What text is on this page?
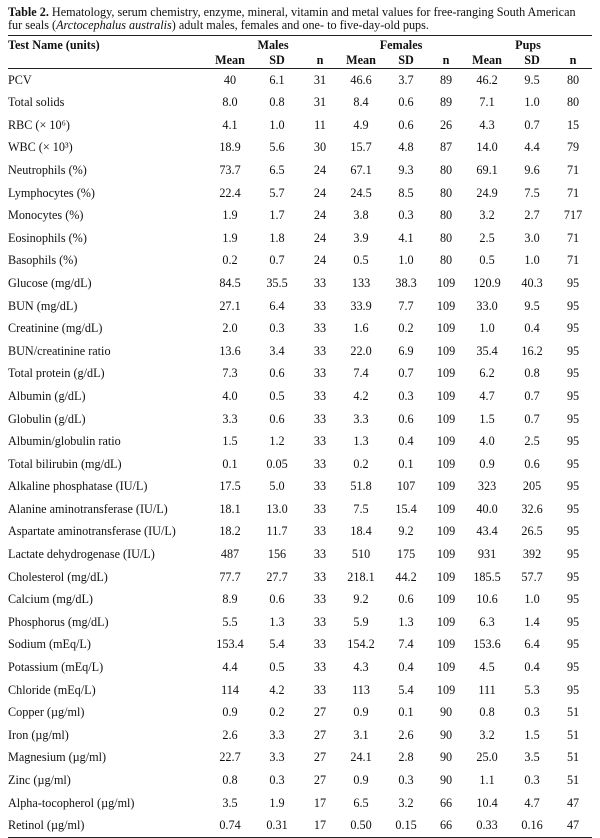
Table 2. Hematology, serum chemistry, enzyme, mineral, vitamin and metal values for free-ranging South American fur seals (Arctocephalus australis) adult males, females and one- to five-day-old pups.

Test Name (units)	Males			Females			Pups		
	Mean	SD	n	Mean	SD	n	Mean	SD	n
PCV	40	6.1	31	46.6	3.7	89	46.2	9.5	80
Total solids	8.0	0.8	31	8.4	0.6	89	7.1	1.0	80
RBC (× 10⁶)	4.1	1.0	11	4.9	0.6	26	4.3	0.7	15
WBC (× 10³)	18.9	5.6	30	15.7	4.8	87	14.0	4.4	79
Neutrophils (%)	73.7	6.5	24	67.1	9.3	80	69.1	9.6	71
Lymphocytes (%)	22.4	5.7	24	24.5	8.5	80	24.9	7.5	71
Monocytes (%)	1.9	1.7	24	3.8	0.3	80	3.2	2.7	717
Eosinophils (%)	1.9	1.8	24	3.9	4.1	80	2.5	3.0	71
Basophils (%)	0.2	0.7	24	0.5	1.0	80	0.5	1.0	71
Glucose (mg/dL)	84.5	35.5	33	133	38.3	109	120.9	40.3	95
BUN (mg/dL)	27.1	6.4	33	33.9	7.7	109	33.0	9.5	95
Creatinine (mg/dL)	2.0	0.3	33	1.6	0.2	109	1.0	0.4	95
BUN/creatinine ratio	13.6	3.4	33	22.0	6.9	109	35.4	16.2	95
Total protein (g/dL)	7.3	0.6	33	7.4	0.7	109	6.2	0.8	95
Albumin (g/dL)	4.0	0.5	33	4.2	0.3	109	4.7	0.7	95
Globulin (g/dL)	3.3	0.6	33	3.3	0.6	109	1.5	0.7	95
Albumin/globulin ratio	1.5	1.2	33	1.3	0.4	109	4.0	2.5	95
Total bilirubin (mg/dL)	0.1	0.05	33	0.2	0.1	109	0.9	0.6	95
Alkaline phosphatase (IU/L)	17.5	5.0	33	51.8	107	109	323	205	95
Alanine aminotransferase (IU/L)	18.1	13.0	33	7.5	15.4	109	40.0	32.6	95
Aspartate aminotransferase (IU/L)	18.2	11.7	33	18.4	9.2	109	43.4	26.5	95
Lactate dehydrogenase (IU/L)	487	156	33	510	175	109	931	392	95
Cholesterol (mg/dL)	77.7	27.7	33	218.1	44.2	109	185.5	57.7	95
Calcium (mg/dL)	8.9	0.6	33	9.2	0.6	109	10.6	1.0	95
Phosphorus (mg/dL)	5.5	1.3	33	5.9	1.3	109	6.3	1.4	95
Sodium (mEq/L)	153.4	5.4	33	154.2	7.4	109	153.6	6.4	95
Potassium (mEq/L)	4.4	0.5	33	4.3	0.4	109	4.5	0.4	95
Chloride (mEq/L)	114	4.2	33	113	5.4	109	111	5.3	95
Copper (µg/ml)	0.9	0.2	27	0.9	0.1	90	0.8	0.3	51
Iron (µg/ml)	2.6	3.3	27	3.1	2.6	90	3.2	1.5	51
Magnesium (µg/ml)	22.7	3.3	27	24.1	2.8	90	25.0	3.5	51
Zinc (µg/ml)	0.8	0.3	27	0.9	0.3	90	1.1	0.3	51
Alpha-tocopherol (µg/ml)	3.5	1.9	17	6.5	3.2	66	10.4	4.7	47
Retinol (µg/ml)	0.74	0.31	17	0.50	0.15	66	0.33	0.16	47
